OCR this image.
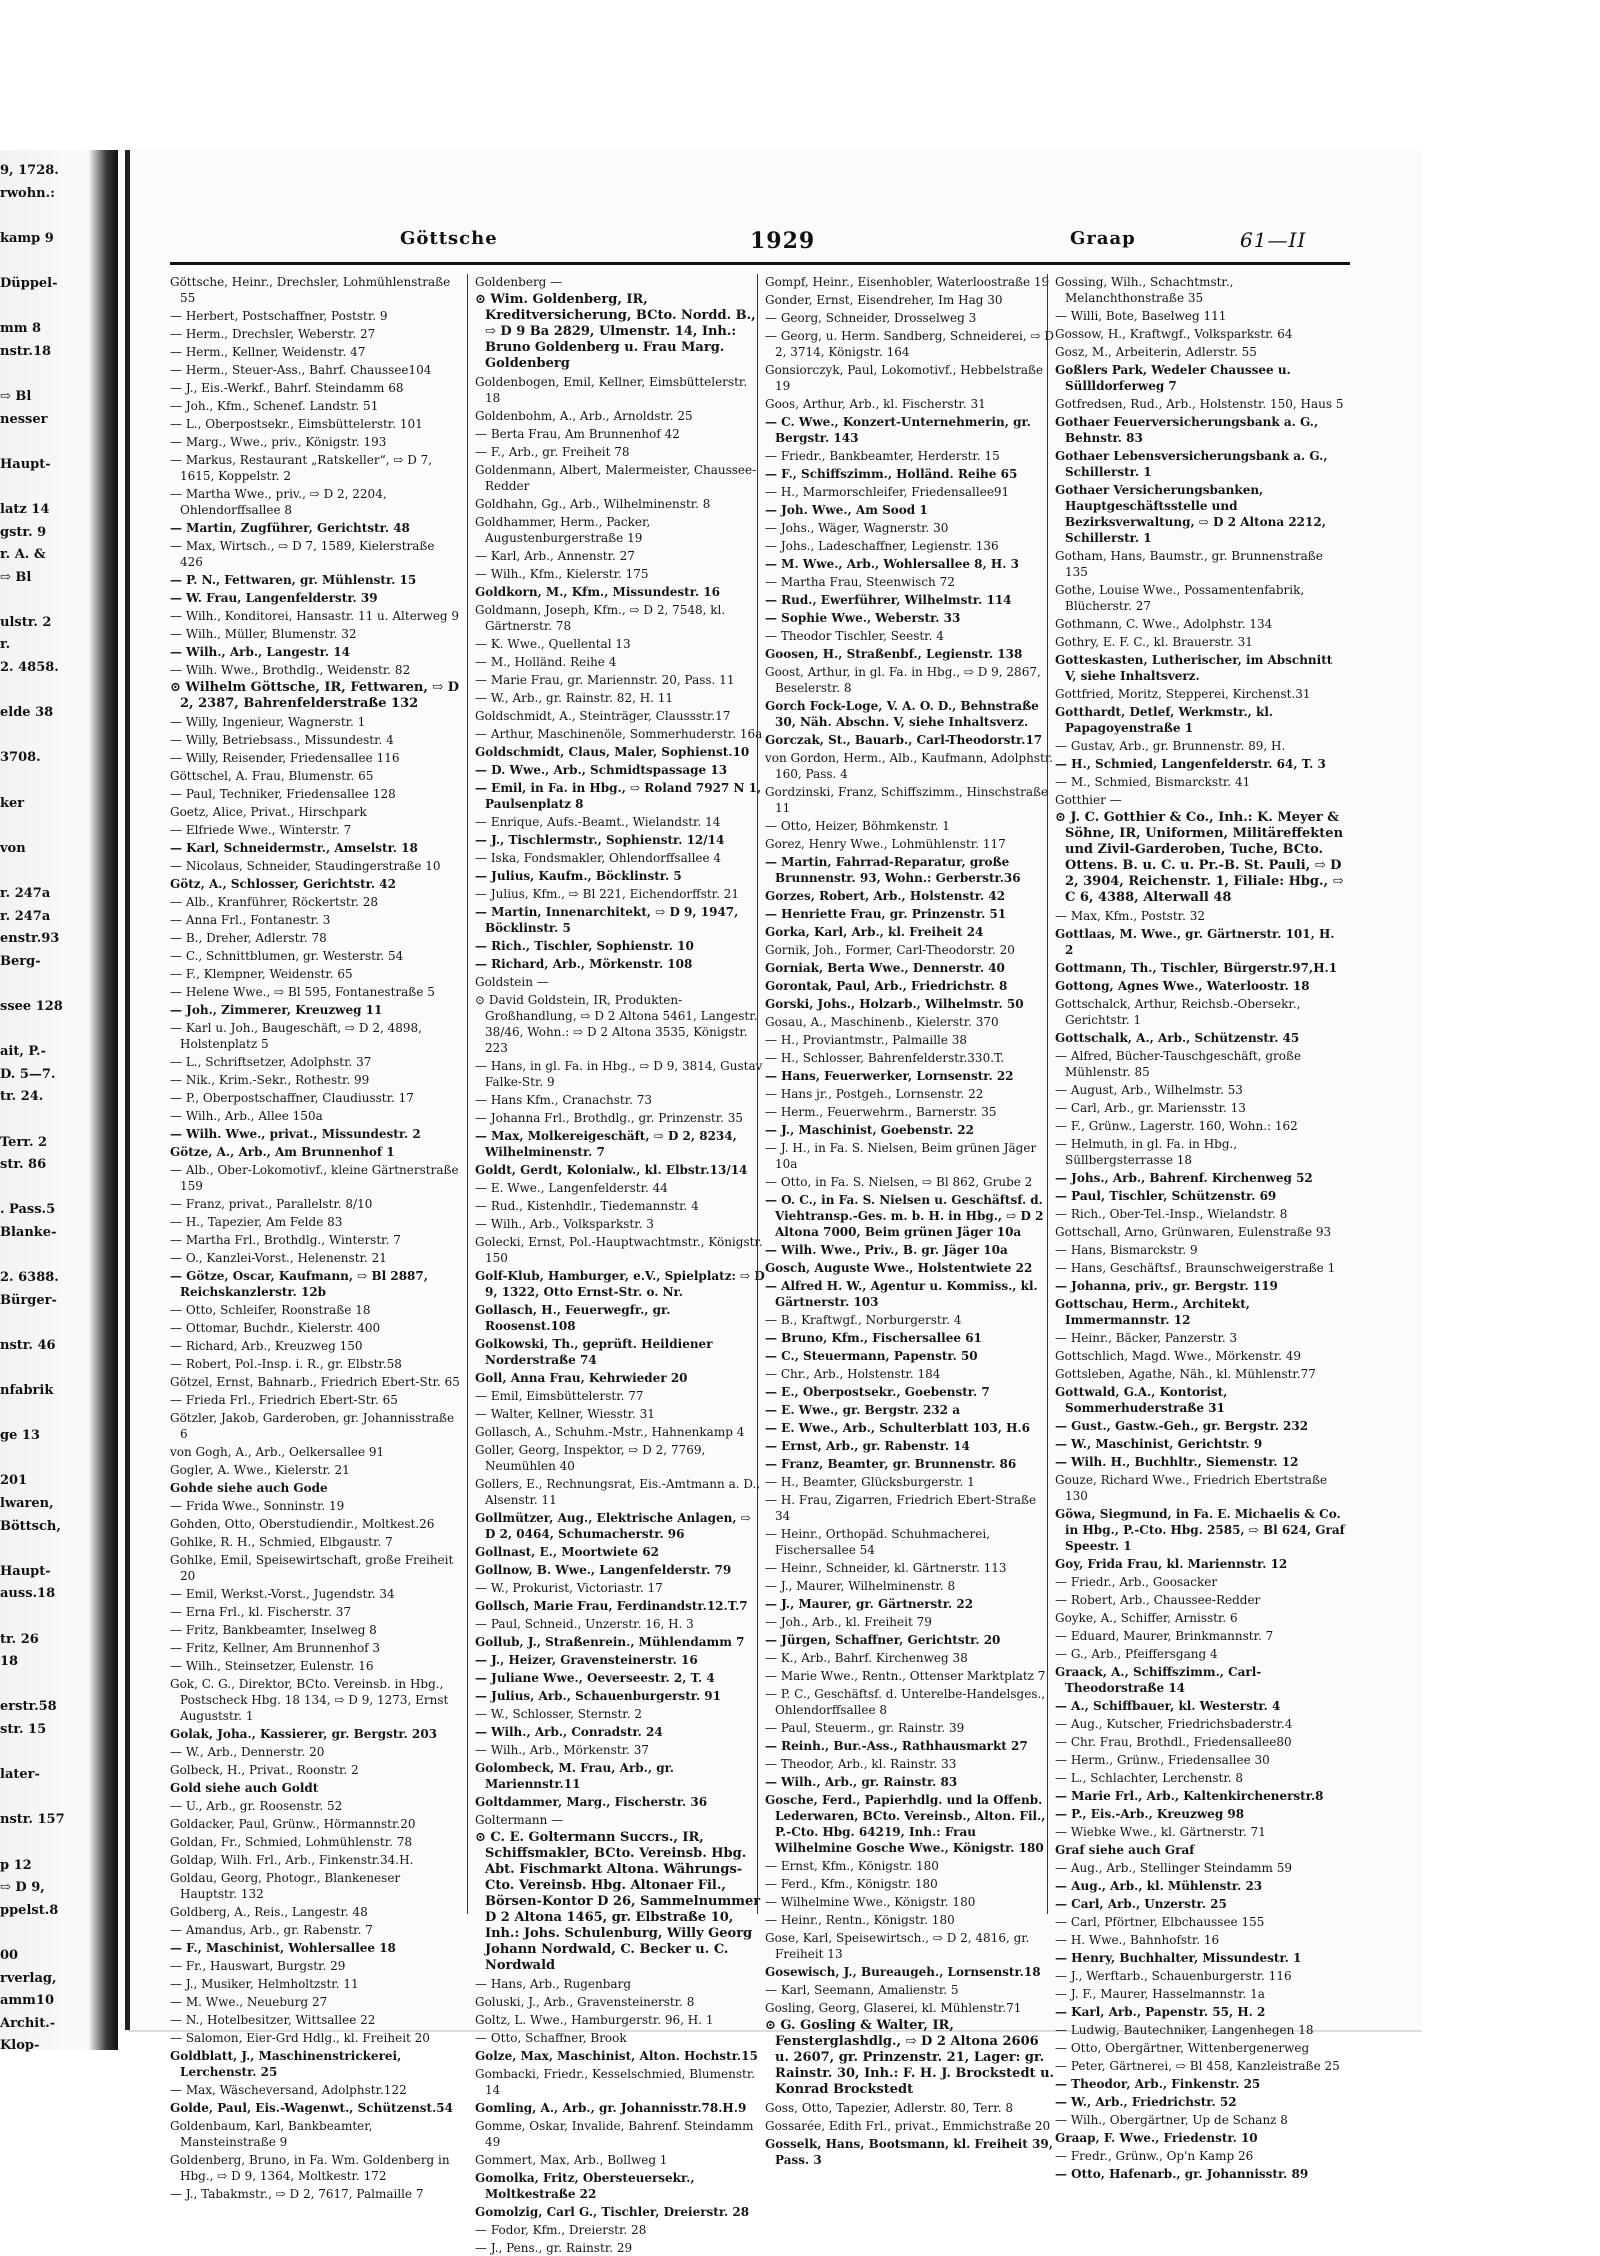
9, 1728.
rwohn.:

kamp 9

Düppel-

mm 8
nstr.18

⇨ Bl
nesser

Haupt-

latz 14
gstr. 9
r. A. &
⇨ Bl

ulstr. 2
r.
2. 4858.

elde 38

3708.

ker

von

r. 247a
r. 247a
enstr.93
Berg-

ssee 128

ait, P.-
D. 5—7.
tr. 24.

Terr. 2
str. 86

. Pass.5
Blanke-

2. 6388.
Bürger-

nstr. 46

nfabrik

ge 13

201
lwaren,
Böttsch,

Haupt-
auss.18

tr. 26
18

erstr.58
str. 15

later-

nstr. 157

p 12
⇨ D 9,
ppelst.8

00
rverlag,
amm10
Archit.-
Klop-
Göttsche	1929	Graap	61—II
Göttsche, Heinr., Drechsler, Lohmühlenstraße 55
— Herbert, Postschaffner, Poststr. 9
— Herm., Drechsler, Weberstr. 27
— Herm., Kellner, Weidenstr. 47
— Herm., Steuer-Ass., Bahrf. Chaussee104
— J., Eis.-Werkf., Bahrf. Steindamm 68
— Joh., Kfm., Schenef. Landstr. 51
— L., Oberpostsekr., Eimsbüttelerstr. 101
— Marg., Wwe., priv., Königstr. 193
— Markus, Restaurant „Ratskeller“, ⇨ D 7, 1615, Koppelstr. 2
— Martha Wwe., priv., ⇨ D 2, 2204, Ohlendorffsallee 8
— Martin, Zugführer, Gerichtstr. 48
— Max, Wirtsch., ⇨ D 7, 1589, Kielerstraße 426
— P. N., Fettwaren, gr. Mühlenstr. 15
— W. Frau, Langenfelderstr. 39
— Wilh., Konditorei, Hansastr. 11 u. Alterweg 9
— Wilh., Müller, Blumenstr. 32
— Wilh., Arb., Langestr. 14
— Wilh. Wwe., Brothdlg., Weidenstr. 82
⊙ Wilhelm Göttsche, IR, Fettwaren, ⇨ D 2, 2387, Bahrenfelderstraße 132
— Willy, Ingenieur, Wagnerstr. 1
— Willy, Betriebsass., Missundestr. 4
— Willy, Reisender, Friedensallee 116
Göttschel, A. Frau, Blumenstr. 65
— Paul, Techniker, Friedensallee 128
Goetz, Alice, Privat., Hirschpark
— Elfriede Wwe., Winterstr. 7
— Karl, Schneidermstr., Amselstr. 18
— Nicolaus, Schneider, Staudingerstraße 10
Götz, A., Schlosser, Gerichtstr. 42
— Alb., Kranführer, Röckertstr. 28
— Anna Frl., Fontanestr. 3
— B., Dreher, Adlerstr. 78
— C., Schnittblumen, gr. Westerstr. 54
— F., Klempner, Weidenstr. 65
— Helene Wwe., ⇨ Bl 595, Fontanestraße 5
— Joh., Zimmerer, Kreuzweg 11
— Karl u. Joh., Baugeschäft, ⇨ D 2, 4898, Holstenplatz 5
— L., Schriftsetzer, Adolphstr. 37
— Nik., Krim.-Sekr., Rothestr. 99
— P., Oberpostschaffner, Claudiusstr. 17
— Wilh., Arb., Allee 150a
— Wilh. Wwe., privat., Missundestr. 2
Götze, A., Arb., Am Brunnenhof 1
— Alb., Ober-Lokomotivf., kleine Gärtnerstraße 159
— Franz, privat., Parallelstr. 8/10
— H., Tapezier, Am Felde 83
— Martha Frl., Brothdlg., Winterstr. 7
— O., Kanzlei-Vorst., Helenenstr. 21
— Götze, Oscar, Kaufmann, ⇨ Bl 2887, Reichskanzlerstr. 12b
— Otto, Schleifer, Roonstraße 18
— Ottomar, Buchdr., Kielerstr. 400
— Richard, Arb., Kreuzweg 150
— Robert, Pol.-Insp. i. R., gr. Elbstr.58
Götzel, Ernst, Bahnarb., Friedrich Ebert-Str. 65
— Frieda Frl., Friedrich Ebert-Str. 65
Götzler, Jakob, Garderoben, gr. Johannisstraße 6
von Gogh, A., Arb., Oelkersallee 91
Gogler, A. Wwe., Kielerstr. 21
Gohde siehe auch Gode
— Frida Wwe., Sonninstr. 19
Gohden, Otto, Oberstudiendir., Moltkest.26
Gohlke, R. H., Schmied, Elbgaustr. 7
Gohlke, Emil, Speisewirtschaft, große Freiheit 20
— Emil, Werkst.-Vorst., Jugendstr. 34
— Erna Frl., kl. Fischerstr. 37
— Fritz, Bankbeamter, Inselweg 8
— Fritz, Kellner, Am Brunnenhof 3
— Wilh., Steinsetzer, Eulenstr. 16
Gok, C. G., Direktor, BCto. Vereinsb. in Hbg., Postscheck Hbg. 18 134, ⇨ D 9, 1273, Ernst Auguststr. 1
Golak, Joha., Kassierer, gr. Bergstr. 203
— W., Arb., Dennerstr. 20
Golbeck, H., Privat., Roonstr. 2
Gold siehe auch Goldt
— U., Arb., gr. Roosenstr. 52
Goldacker, Paul, Grünw., Hörmannstr.20
Goldan, Fr., Schmied, Lohmühlenstr. 78
Goldap, Wilh. Frl., Arb., Finkenstr.34.H.
Goldau, Georg, Photogr., Blankeneser Hauptstr. 132
Goldberg, A., Reis., Langestr. 48
— Amandus, Arb., gr. Rabenstr. 7
— F., Maschinist, Wohlersallee 18
— Fr., Hauswart, Burgstr. 29
— J., Musiker, Helmholtzstr. 11
— M. Wwe., Neueburg 27
— N., Hotelbesitzer, Wittsallee 22
— Salomon, Eier-Grd Hdlg., kl. Freiheit 20
Goldblatt, J., Maschinenstrickerei, Lerchenstr. 25
— Max, Wäscheversand, Adolphstr.122
Golde, Paul, Eis.-Wagenwt., Schützenst.54
Goldenbaum, Karl, Bankbeamter, Mansteinstraße 9
Goldenberg, Bruno, in Fa. Wm. Goldenberg in Hbg., ⇨ D 9, 1364, Moltkestr. 172
— J., Tabakmstr., ⇨ D 2, 7617, Palmaille 7
Goldenberg —
⊙ Wim. Goldenberg, IR, Kreditversicherung, BCto. Nordd. B., ⇨ D 9 Ba 2829, Ulmenstr. 14, Inh.: Bruno Goldenberg u. Frau Marg. Goldenberg
Goldenbogen, Emil, Kellner, Eimsbüttelerstr. 18
Goldenbohm, A., Arb., Arnoldstr. 25
— Berta Frau, Am Brunnenhof 42
— F., Arb., gr. Freiheit 78
Goldenmann, Albert, Malermeister, Chaussee-Redder
Goldhahn, Gg., Arb., Wilhelminenstr. 8
Goldhammer, Herm., Packer, Augustenburgerstraße 19
— Karl, Arb., Annenstr. 27
— Wilh., Kfm., Kielerstr. 175
Goldkorn, M., Kfm., Missundestr. 16
Goldmann, Joseph, Kfm., ⇨ D 2, 7548, kl. Gärtnerstr. 78
— K. Wwe., Quellental 13
— M., Holländ. Reihe 4
— Marie Frau, gr. Mariennstr. 20, Pass. 11
— W., Arb., gr. Rainstr. 82, H. 11
Goldschmidt, A., Steinträger, Claussstr.17
— Arthur, Maschinenöle, Sommerhuderstr. 16a
Goldschmidt, Claus, Maler, Sophienst.10
— D. Wwe., Arb., Schmidtspassage 13
— Emil, in Fa. in Hbg., ⇨ Roland 7927 N 1, Paulsenplatz 8
— Enrique, Aufs.-Beamt., Wielandstr. 14
— J., Tischlermstr., Sophienstr. 12/14
— Iska, Fondsmakler, Ohlendorffsallee 4
— Julius, Kaufm., Böcklinstr. 5
— Julius, Kfm., ⇨ Bl 221, Eichendorffstr. 21
— Martin, Innenarchitekt, ⇨ D 9, 1947, Böcklinstr. 5
— Rich., Tischler, Sophienstr. 10
— Richard, Arb., Mörkenstr. 108
Goldstein —
⊙ David Goldstein, IR, Produkten-Großhandlung, ⇨ D 2 Altona 5461, Langestr. 38/46, Wohn.: ⇨ D 2 Altona 3535, Königstr. 223
— Hans, in gl. Fa. in Hbg., ⇨ D 9, 3814, Gustav Falke-Str. 9
— Hans Kfm., Cranachstr. 73
— Johanna Frl., Brothdlg., gr. Prinzenstr. 35
— Max, Molkereigeschäft, ⇨ D 2, 8234, Wilhelminenstr. 7
Goldt, Gerdt, Kolonialw., kl. Elbstr.13/14
— E. Wwe., Langenfelderstr. 44
— Rud., Kistenhdlr., Tiedemannstr. 4
— Wilh., Arb., Volksparkstr. 3
Golecki, Ernst, Pol.-Hauptwachtmstr., Königstr. 150
Golf-Klub, Hamburger, e.V., Spielplatz: ⇨ D 9, 1322, Otto Ernst-Str. o. Nr.
Gollasch, H., Feuerwegfr., gr. Roosenst.108
Golkowski, Th., geprüft. Heildiener Norderstraße 74
Goll, Anna Frau, Kehrwieder 20
— Emil, Eimsbüttelerstr. 77
— Walter, Kellner, Wiesstr. 31
Gollasch, A., Schuhm.-Mstr., Hahnenkamp 4
Goller, Georg, Inspektor, ⇨ D 2, 7769, Neumühlen 40
Gollers, E., Rechnungsrat, Eis.-Amtmann a. D., Alsenstr. 11
Gollmützer, Aug., Elektrische Anlagen, ⇨ D 2, 0464, Schumacherstr. 96
Gollnast, E., Moortwiete 62
Gollnow, B. Wwe., Langenfelderstr. 79
— W., Prokurist, Victoriastr. 17
Gollsch, Marie Frau, Ferdinandstr.12.T.7
— Paul, Schneid., Unzerstr. 16, H. 3
Gollub, J., Straßenrein., Mühlendamm 7
— J., Heizer, Gravensteinerstr. 16
— Juliane Wwe., Oeverseestr. 2, T. 4
— Julius, Arb., Schauenburgerstr. 91
— W., Schlosser, Sternstr. 2
— Wilh., Arb., Conradstr. 24
— Wilh., Arb., Mörkenstr. 37
Golombeck, M. Frau, Arb., gr. Mariennstr.11
Goltdammer, Marg., Fischerstr. 36
Goltermann —
⊙ C. E. Goltermann Succrs., IR, Schiffsmakler, BCto. Vereinsb. Hbg. Abt. Fischmarkt Altona. Währungs-Cto. Vereinsb. Hbg. Altonaer Fil., Börsen-Kontor D 26, Sammelnummer D 2 Altona 1465, gr. Elbstraße 10, Inh.: Johs. Schulenburg, Willy Georg Johann Nordwald, C. Becker u. C. Nordwald
— Hans, Arb., Rugenbarg
Goluski, J., Arb., Gravensteinerstr. 8
Goltz, L. Wwe., Hamburgerstr. 96, H. 1
— Otto, Schaffner, Brook
Golze, Max, Maschinist, Alton. Hochstr.15
Gombacki, Friedr., Kesselschmied, Blumenstr. 14
Gomling, A., Arb., gr. Johannisstr.78.H.9
Gomme, Oskar, Invalide, Bahrenf. Steindamm 49
Gommert, Max, Arb., Bollweg 1
Gomolka, Fritz, Obersteuersekr., Moltkestraße 22
Gomolzig, Carl G., Tischler, Dreierstr. 28
— Fodor, Kfm., Dreierstr. 28
— J., Pens., gr. Rainstr. 29
Gompf, Heinr., Eisenhobler, Waterloostraße 19
Gonder, Ernst, Eisendreher, Im Hag 30
— Georg, Schneider, Drosselweg 3
— Georg, u. Herm. Sandberg, Schneiderei, ⇨ D 2, 3714, Königstr. 164
Gonsiorczyk, Paul, Lokomotivf., Hebbelstraße 19
Goos, Arthur, Arb., kl. Fischerstr. 31
— C. Wwe., Konzert-Unternehmerin, gr. Bergstr. 143
— Friedr., Bankbeamter, Herderstr. 15
— F., Schiffszimm., Holländ. Reihe 65
— H., Marmorschleifer, Friedensallee91
— Joh. Wwe., Am Sood 1
— Johs., Wäger, Wagnerstr. 30
— Johs., Ladeschaffner, Legienstr. 136
— M. Wwe., Arb., Wohlersallee 8, H. 3
— Martha Frau, Steenwisch 72
— Rud., Ewerführer, Wilhelmstr. 114
— Sophie Wwe., Weberstr. 33
— Theodor Tischler, Seestr. 4
Goosen, H., Straßenbf., Legienstr. 138
Goost, Arthur, in gl. Fa. in Hbg., ⇨ D 9, 2867, Beselerstr. 8
Gorch Fock-Loge, V. A. O. D., Behnstraße 30, Näh. Abschn. V, siehe Inhaltsverz.
Gorczak, St., Bauarb., Carl-Theodorstr.17
von Gordon, Herm., Alb., Kaufmann, Adolphstr. 160, Pass. 4
Gordzinski, Franz, Schiffszimm., Hinschstraße 11
— Otto, Heizer, Böhmkenstr. 1
Gorez, Henry Wwe., Lohmühlenstr. 117
— Martin, Fahrrad-Reparatur, große Brunnenstr. 93, Wohn.: Gerberstr.36
Gorzes, Robert, Arb., Holstenstr. 42
— Henriette Frau, gr. Prinzenstr. 51
Gorka, Karl, Arb., kl. Freiheit 24
Gornik, Joh., Former, Carl-Theodorstr. 20
Gorniak, Berta Wwe., Dennerstr. 40
Gorontak, Paul, Arb., Friedrichstr. 8
Gorski, Johs., Holzarb., Wilhelmstr. 50
Gosau, A., Maschinenb., Kielerstr. 370
— H., Proviantmstr., Palmaille 38
— H., Schlosser, Bahrenfelderstr.330.T.
— Hans, Feuerwerker, Lornsenstr. 22
— Hans jr., Postgeh., Lornsenstr. 22
— Herm., Feuerwehrm., Barnerstr. 35
— J., Maschinist, Goebenstr. 22
— J. H., in Fa. S. Nielsen, Beim grünen Jäger 10a
— Otto, in Fa. S. Nielsen, ⇨ Bl 862, Grube 2
— O. C., in Fa. S. Nielsen u. Geschäftsf. d. Viehtransp.-Ges. m. b. H. in Hbg., ⇨ D 2 Altona 7000, Beim grünen Jäger 10a
— Wilh. Wwe., Priv., B. gr. Jäger 10a
Gosch, Auguste Wwe., Holstentwiete 22
— Alfred H. W., Agentur u. Kommiss., kl. Gärtnerstr. 103
— B., Kraftwgf., Norburgerstr. 4
— Bruno, Kfm., Fischersallee 61
— C., Steuermann, Papenstr. 50
— Chr., Arb., Holstenstr. 184
— E., Oberpostsekr., Goebenstr. 7
— E. Wwe., gr. Bergstr. 232 a
— E. Wwe., Arb., Schulterblatt 103, H.6
— Ernst, Arb., gr. Rabenstr. 14
— Franz, Beamter, gr. Brunnenstr. 86
— H., Beamter, Glücksburgerstr. 1
— H. Frau, Zigarren, Friedrich Ebert-Straße 34
— Heinr., Orthopäd. Schuhmacherei, Fischersallee 54
— Heinr., Schneider, kl. Gärtnerstr. 113
— J., Maurer, Wilhelminenstr. 8
— J., Maurer, gr. Gärtnerstr. 22
— Joh., Arb., kl. Freiheit 79
— Jürgen, Schaffner, Gerichtstr. 20
— K., Arb., Bahrf. Kirchenweg 38
— Marie Wwe., Rentn., Ottenser Marktplatz 7
— P. C., Geschäftsf. d. Unterelbe-Handelsges., Ohlendorffsallee 8
— Paul, Steuerm., gr. Rainstr. 39
— Reinh., Bur.-Ass., Rathhausmarkt 27
— Theodor, Arb., kl. Rainstr. 33
— Wilh., Arb., gr. Rainstr. 83
Gosche, Ferd., Papierhdlg. und la Offenb. Lederwaren, BCto. Vereinsb., Alton. Fil., P.-Cto. Hbg. 64219, Inh.: Frau Wilhelmine Gosche Wwe., Königstr. 180
— Ernst, Kfm., Königstr. 180
— Ferd., Kfm., Königstr. 180
— Wilhelmine Wwe., Königstr. 180
— Heinr., Rentn., Königstr. 180
Gose, Karl, Speisewirtsch., ⇨ D 2, 4816, gr. Freiheit 13
Gosewisch, J., Bureaugeh., Lornsenstr.18
— Karl, Seemann, Amalienstr. 5
Gosling, Georg, Glaserei, kl. Mühlenstr.71
⊙ G. Gosling & Walter, IR, Fensterglashdlg., ⇨ D 2 Altona 2606 u. 2607, gr. Prinzenstr. 21, Lager: gr. Rainstr. 30, Inh.: F. H. J. Brockstedt u. Konrad Brockstedt
Goss, Otto, Tapezier, Adlerstr. 80, Terr. 8
Gossarée, Edith Frl., privat., Emmichstraße 20
Gosselk, Hans, Bootsmann, kl. Freiheit 39, Pass. 3
Gossing, Wilh., Schachtmstr., Melanchthonstraße 35
— Willi, Bote, Baselweg 111
Gossow, H., Kraftwgf., Volksparkstr. 64
Gosz, M., Arbeiterin, Adlerstr. 55
Goßlers Park, Wedeler Chaussee u. Süllldorferweg 7
Gotfredsen, Rud., Arb., Holstenstr. 150, Haus 5
Gothaer Feuerversicherungsbank a. G., Behnstr. 83
Gothaer Lebensversicherungsbank a. G., Schillerstr. 1
Gothaer Versicherungsbanken, Hauptgeschäftsstelle und Bezirksverwaltung, ⇨ D 2 Altona 2212, Schillerstr. 1
Gotham, Hans, Baumstr., gr. Brunnenstraße 135
Gothe, Louise Wwe., Possamentenfabrik, Blücherstr. 27
Gothmann, C. Wwe., Adolphstr. 134
Gothry, E. F. C., kl. Brauerstr. 31
Gotteskasten, Lutherischer, im Abschnitt V, siehe Inhaltsverz.
Gottfried, Moritz, Stepperei, Kirchenst.31
Gotthardt, Detlef, Werkmstr., kl. Papagoyenstraße 1
— Gustav, Arb., gr. Brunnenstr. 89, H.
— H., Schmied, Langenfelderstr. 64, T. 3
— M., Schmied, Bismarckstr. 41
Gotthier —
⊙ J. C. Gotthier & Co., Inh.: K. Meyer & Söhne, IR, Uniformen, Militäreffekten und Zivil-Garderoben, Tuche, BCto. Ottens. B. u. C. u. Pr.-B. St. Pauli, ⇨ D 2, 3904, Reichenstr. 1, Filiale: Hbg., ⇨ C 6, 4388, Alterwall 48
— Max, Kfm., Poststr. 32
Gottlaas, M. Wwe., gr. Gärtnerstr. 101, H. 2
Gottmann, Th., Tischler, Bürgerstr.97,H.1
Gottong, Agnes Wwe., Waterloostr. 18
Gottschalck, Arthur, Reichsb.-Obersekr., Gerichtstr. 1
Gottschalk, A., Arb., Schützenstr. 45
— Alfred, Bücher-Tauschgeschäft, große Mühlenstr. 85
— August, Arb., Wilhelmstr. 53
— Carl, Arb., gr. Mariensstr. 13
— F., Grünw., Lagerstr. 160, Wohn.: 162
— Helmuth, in gl. Fa. in Hbg., Süllbergsterrasse 18
— Johs., Arb., Bahrenf. Kirchenweg 52
— Paul, Tischler, Schützenstr. 69
— Rich., Ober-Tel.-Insp., Wielandstr. 8
Gottschall, Arno, Grünwaren, Eulenstraße 93
— Hans, Bismarckstr. 9
— Hans, Geschäftsf., Braunschweigerstraße 1
— Johanna, priv., gr. Bergstr. 119
Gottschau, Herm., Architekt, Immermannstr. 12
— Heinr., Bäcker, Panzerstr. 3
Gottschlich, Magd. Wwe., Mörkenstr. 49
Gottsleben, Agathe, Näh., kl. Mühlenstr.77
Gottwald, G.A., Kontorist, Sommerhuderstraße 31
— Gust., Gastw.-Geh., gr. Bergstr. 232
— W., Maschinist, Gerichtstr. 9
— Wilh. H., Buchhltr., Siemenstr. 12
Gouze, Richard Wwe., Friedrich Ebertstraße 130
Göwa, Siegmund, in Fa. E. Michaelis & Co. in Hbg., P.-Cto. Hbg. 2585, ⇨ Bl 624, Graf Speestr. 1
Goy, Frida Frau, kl. Mariennstr. 12
— Friedr., Arb., Goosacker
— Robert, Arb., Chaussee-Redder
Goyke, A., Schiffer, Arnisstr. 6
— Eduard, Maurer, Brinkmannstr. 7
— G., Arb., Pfeiffersgang 4
Graack, A., Schiffszimm., Carl-Theodorstraße 14
— A., Schiffbauer, kl. Westerstr. 4
— Aug., Kutscher, Friedrichsbaderstr.4
— Chr. Frau, Brothdl., Friedensallee80
— Herm., Grünw., Friedensallee 30
— L., Schlachter, Lerchenstr. 8
— Marie Frl., Arb., Kaltenkirchenerstr.8
— P., Eis.-Arb., Kreuzweg 98
— Wiebke Wwe., kl. Gärtnerstr. 71
Graf siehe auch Graf
— Aug., Arb., Stellinger Steindamm 59
— Aug., Arb., kl. Mühlenstr. 23
— Carl, Arb., Unzerstr. 25
— Carl, Pförtner, Elbchaussee 155
— H. Wwe., Bahnhofstr. 16
— Henry, Buchhalter, Missundestr. 1
— J., Werftarb., Schauenburgerstr. 116
— J. F., Maurer, Hasselmannstr. 1a
— Karl, Arb., Papenstr. 55, H. 2
— Ludwig, Bautechniker, Langenhegen 18
— Otto, Obergärtner, Wittenbergenerweg
— Peter, Gärtnerei, ⇨ Bl 458, Kanzleistraße 25
— Theodor, Arb., Finkenstr. 25
— W., Arb., Friedrichstr. 52
— Wilh., Obergärtner, Up de Schanz 8
Graap, F. Wwe., Friedenstr. 10
— Fredr., Grünw., Op'n Kamp 26
— Otto, Hafenarb., gr. Johannisstr. 89
